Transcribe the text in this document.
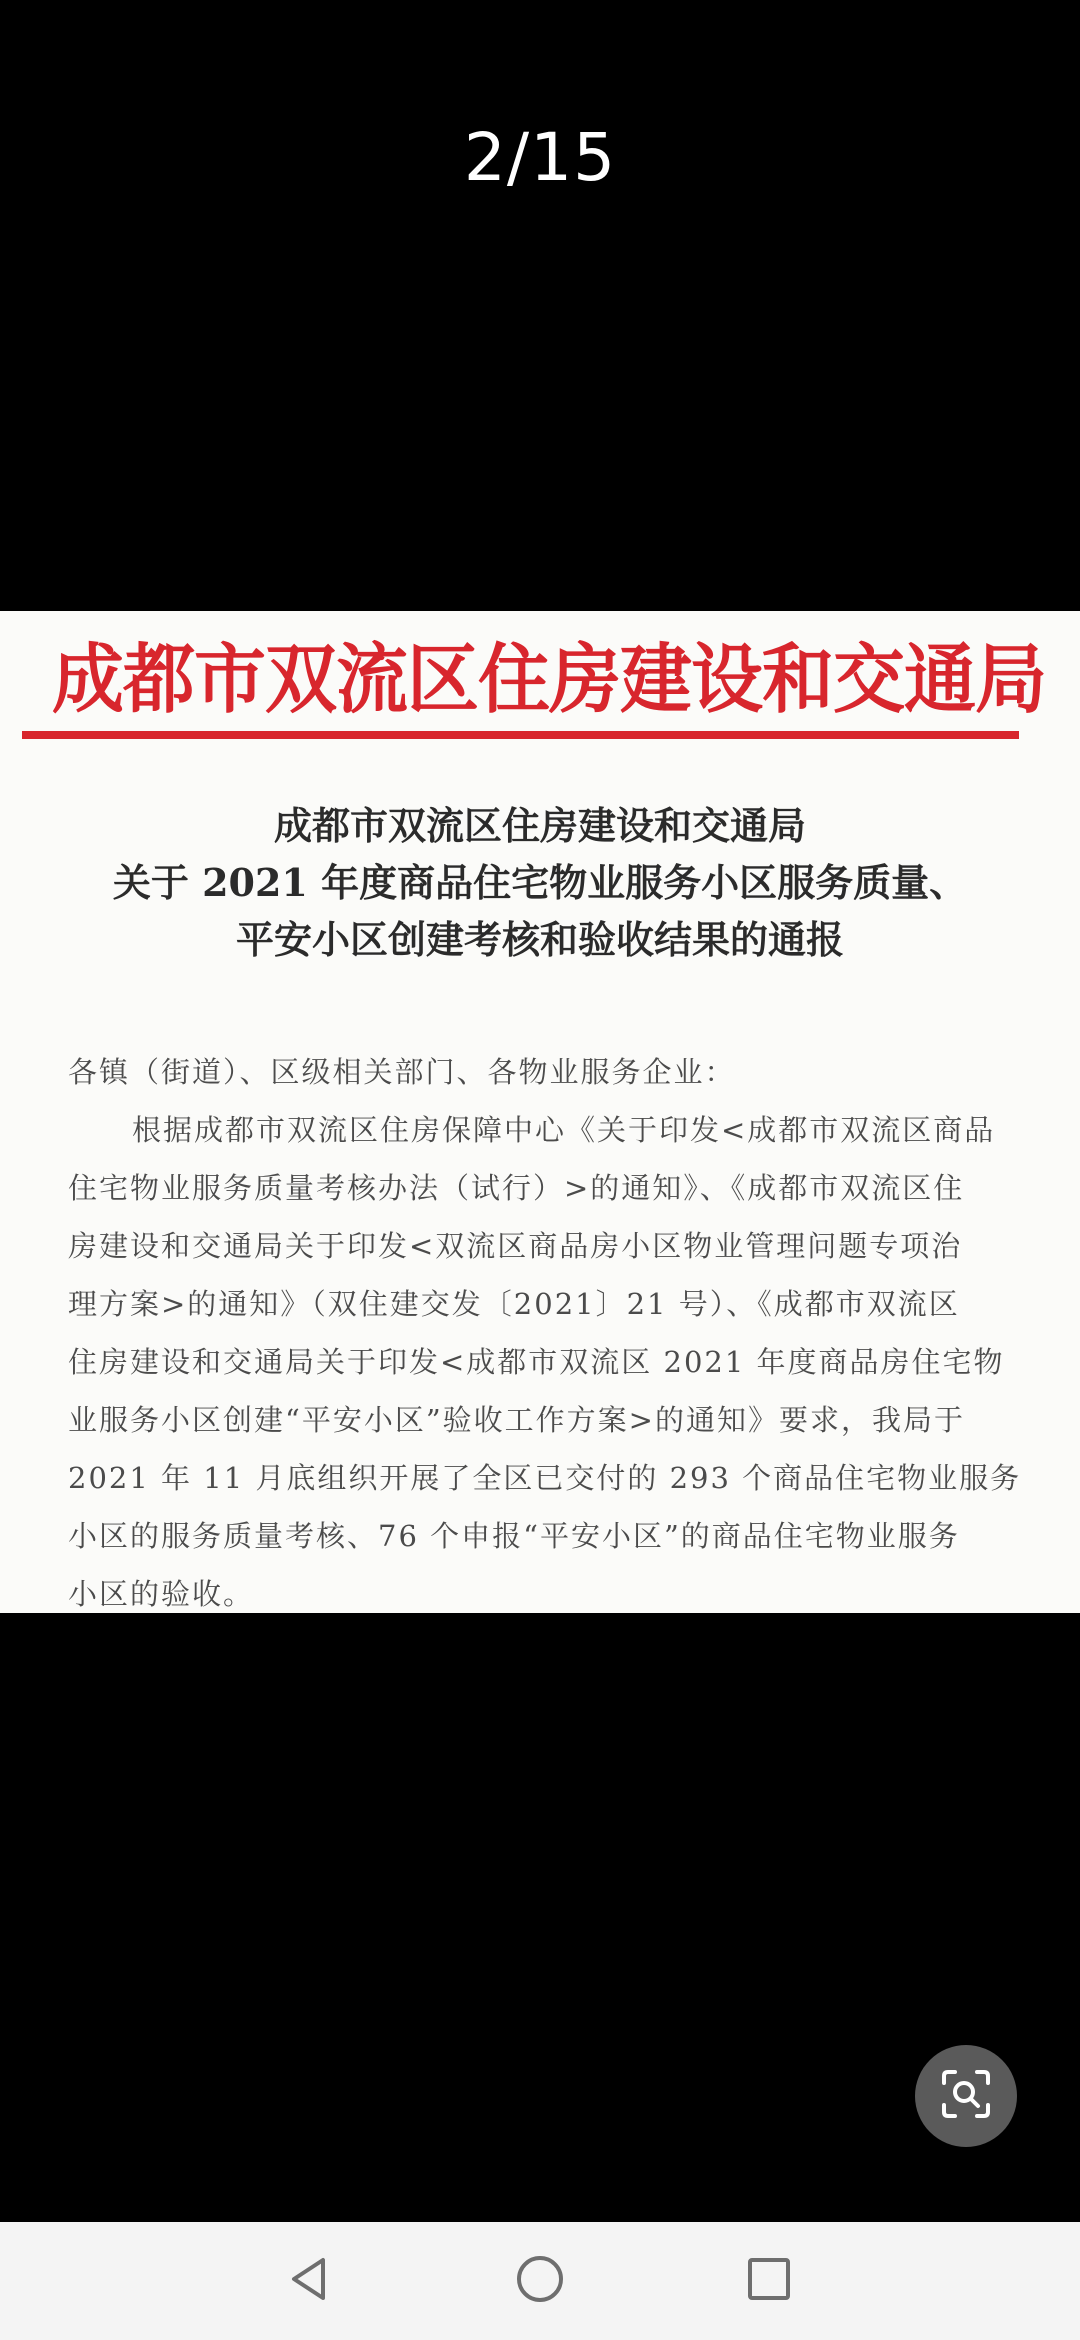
2/15
成都市双流区住房建设和交通局
成都市双流区住房建设和交通局
关于 2021 年度商品住宅物业服务小区服务质量、
平安小区创建考核和验收结果的通报
各镇（街道）、区级相关部门、各物业服务企业：
根据成都市双流区住房保障中心《关于印发<成都市双流区商品
住宅物业服务质量考核办法（试行）>的通知》、《成都市双流区住
房建设和交通局关于印发<双流区商品房小区物业管理问题专项治
理方案>的通知》（双住建交发〔2021〕21 号）、《成都市双流区
住房建设和交通局关于印发<成都市双流区 2021 年度商品房住宅物
业服务小区创建“平安小区”验收工作方案>的通知》要求，我局于
2021 年 11 月底组织开展了全区已交付的 293 个商品住宅物业服务
小区的服务质量考核、76 个申报“平安小区”的商品住宅物业服务
小区的验收。
